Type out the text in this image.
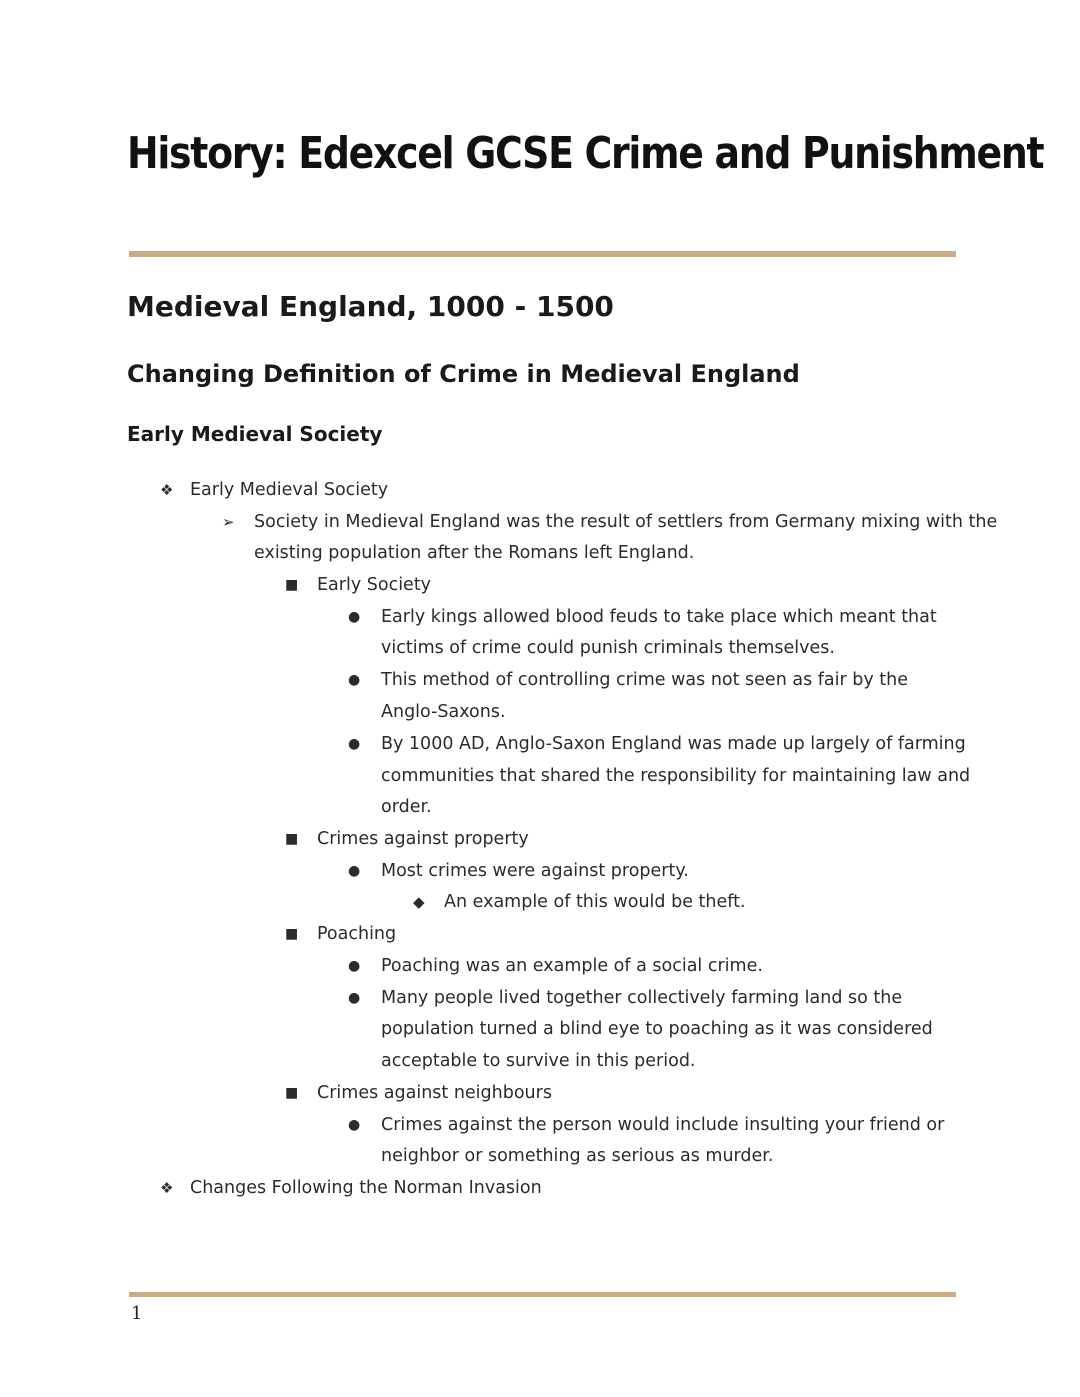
History: Edexcel GCSE Crime and Punishment
Medieval England, 1000 - 1500
Changing Definition of Crime in Medieval England
Early Medieval Society
❖ Early Medieval Society
➢ Society in Medieval England was the result of settlers from Germany mixing with the
existing population after the Romans left England.
■ Early Society
● Early kings allowed blood feuds to take place which meant that
victims of crime could punish criminals themselves.
● This method of controlling crime was not seen as fair by the
Anglo-Saxons.
● By 1000 AD, Anglo-Saxon England was made up largely of farming
communities that shared the responsibility for maintaining law and
order.
■ Crimes against property
● Most crimes were against property.
◆ An example of this would be theft.
■ Poaching
● Poaching was an example of a social crime.
● Many people lived together collectively farming land so the
population turned a blind eye to poaching as it was considered
acceptable to survive in this period.
■ Crimes against neighbours
● Crimes against the person would include insulting your friend or
neighbor or something as serious as murder.
❖ Changes Following the Norman Invasion
1
